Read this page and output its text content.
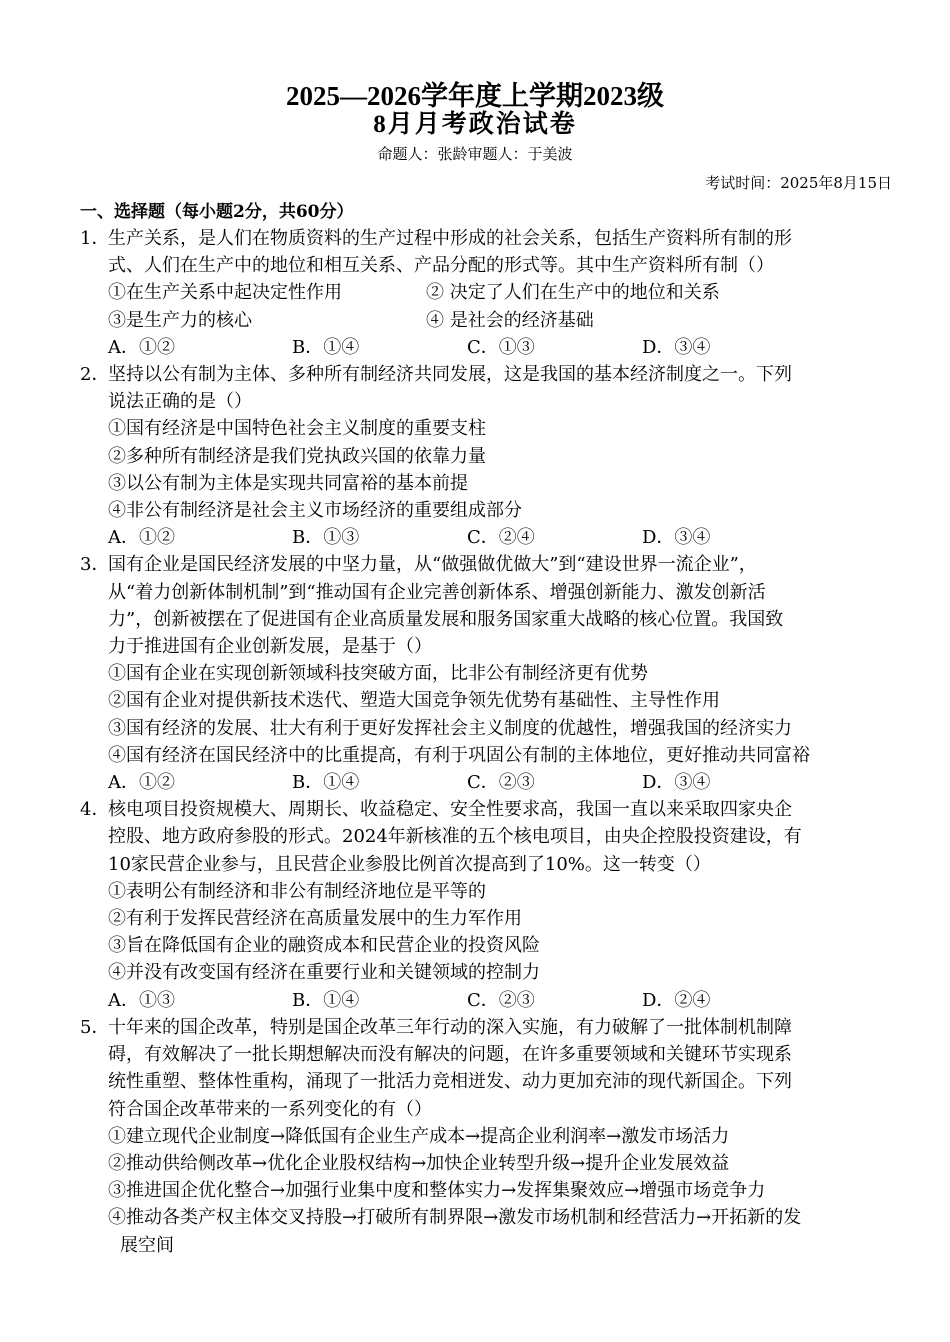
2025—2026学年度上学期2023级
8月月考政治试卷
命题人：张龄审题人：于美波
考试时间：2025年8月15日
一、选择题（每小题2分，共60分）
1．生产关系，是人们在物质资料的生产过程中形成的社会关系，包括生产资料所有制的形
式、人们在生产中的地位和相互关系、产品分配的形式等。其中生产资料所有制（）
①在生产关系中起决定性作用	② 决定了人们在生产中的地位和关系
③是生产力的核心	④ 是社会的经济基础
A．①②	B．①④	C．①③	D．③④
2．坚持以公有制为主体、多种所有制经济共同发展，这是我国的基本经济制度之一。下列
说法正确的是（）
①国有经济是中国特色社会主义制度的重要支柱
②多种所有制经济是我们党执政兴国的依靠力量
③以公有制为主体是实现共同富裕的基本前提
④非公有制经济是社会主义市场经济的重要组成部分
A．①②	B．①③	C．②④	D．③④
3．国有企业是国民经济发展的中坚力量，从“做强做优做大”到“建设世界一流企业”，
从“着力创新体制机制”到“推动国有企业完善创新体系、增强创新能力、激发创新活
力”，创新被摆在了促进国有企业高质量发展和服务国家重大战略的核心位置。我国致
力于推进国有企业创新发展，是基于（）
①国有企业在实现创新领域科技突破方面，比非公有制经济更有优势
②国有企业对提供新技术迭代、塑造大国竞争领先优势有基础性、主导性作用
③国有经济的发展、壮大有利于更好发挥社会主义制度的优越性，增强我国的经济实力
④国有经济在国民经济中的比重提高，有利于巩固公有制的主体地位，更好推动共同富裕
A．①②	B．①④	C．②③	D．③④
4．核电项目投资规模大、周期长、收益稳定、安全性要求高，我国一直以来采取四家央企
控股、地方政府参股的形式。2024年新核准的五个核电项目，由央企控股投资建设，有
10家民营企业参与，且民营企业参股比例首次提高到了10%。这一转变（）
①表明公有制经济和非公有制经济地位是平等的
②有利于发挥民营经济在高质量发展中的生力军作用
③旨在降低国有企业的融资成本和民营企业的投资风险
④并没有改变国有经济在重要行业和关键领域的控制力
A．①③	B．①④	C．②③	D．②④
5．十年来的国企改革，特别是国企改革三年行动的深入实施，有力破解了一批体制机制障
碍，有效解决了一批长期想解决而没有解决的问题，在许多重要领域和关键环节实现系
统性重塑、整体性重构，涌现了一批活力竞相迸发、动力更加充沛的现代新国企。下列
符合国企改革带来的一系列变化的有（）
①建立现代企业制度→降低国有企业生产成本→提高企业利润率→激发市场活力
②推动供给侧改革→优化企业股权结构→加快企业转型升级→提升企业发展效益
③推进国企优化整合→加强行业集中度和整体实力→发挥集聚效应→增强市场竞争力
④推动各类产权主体交叉持股→打破所有制界限→激发市场机制和经营活力→开拓新的发
展空间
